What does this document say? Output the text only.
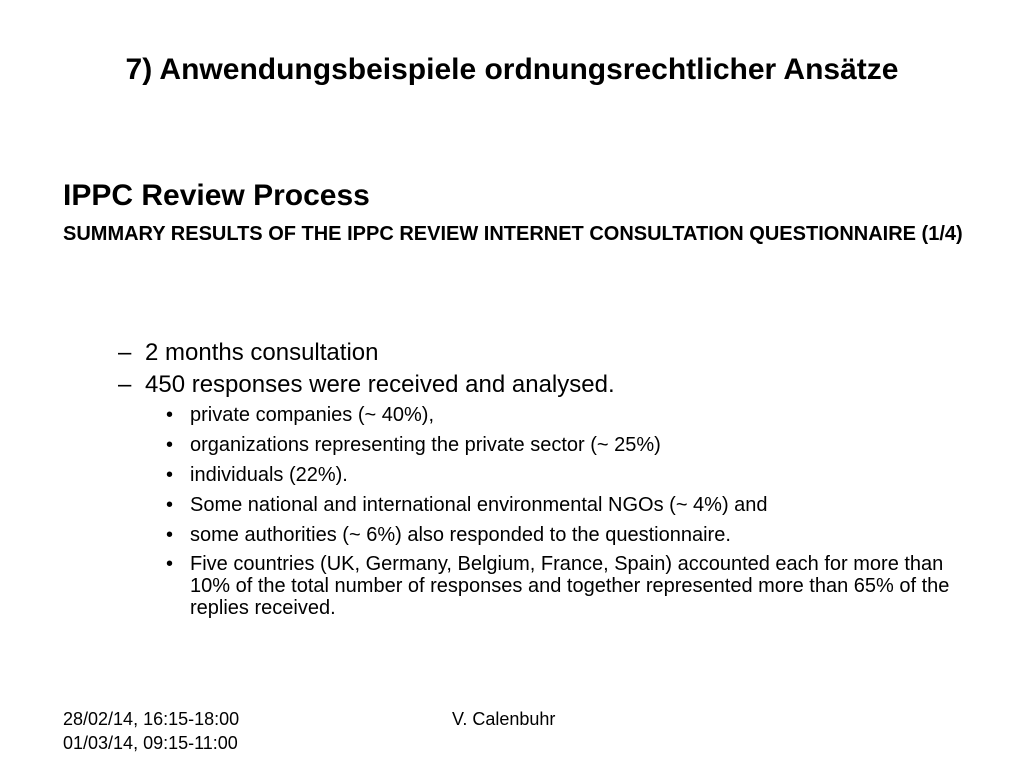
7) Anwendungsbeispiele ordnungsrechtlicher Ansätze
IPPC Review Process

SUMMARY RESULTS OF THE IPPC REVIEW INTERNET CONSULTATION QUESTIONNAIRE (1/4)

– 2 months consultation
– 450 responses were received and analysed.
• private companies (~ 40%),
• organizations representing the private sector (~ 25%)
• individuals (22%).
• Some national and international environmental NGOs (~ 4%) and
• some authorities (~ 6%) also responded to the questionnaire.
• Five countries (UK, Germany, Belgium, France, Spain) accounted each for more than 10% of the total number of responses and together represented more than 65% of the replies received.
28/02/14, 16:15-18:00
01/03/14, 09:15-11:00
V. Calenbuhr
